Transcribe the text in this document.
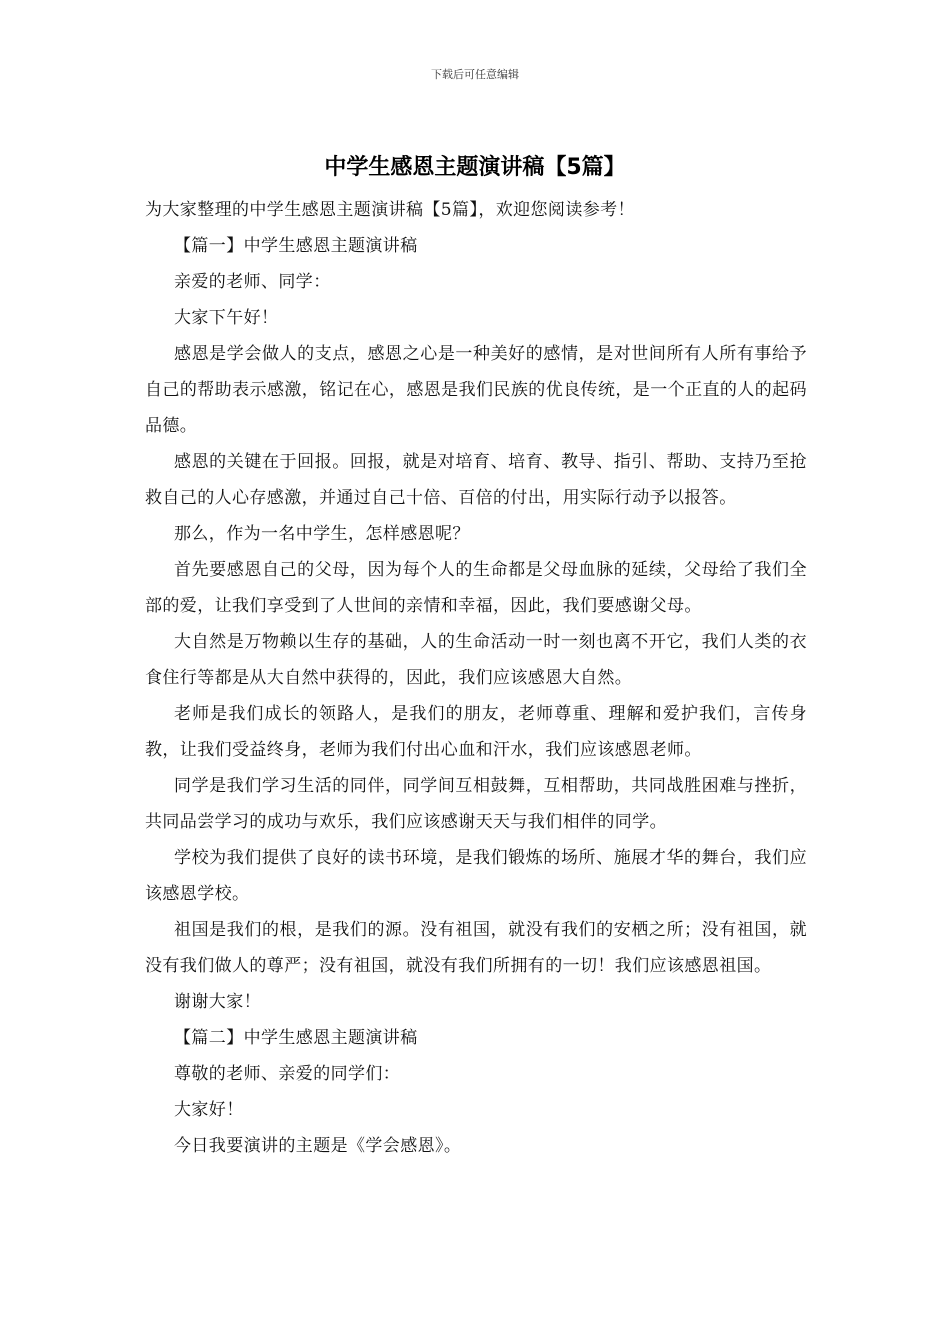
下载后可任意编辑
中学生感恩主题演讲稿【5篇】

为大家整理的中学生感恩主题演讲稿【5篇】，欢迎您阅读参考！

【篇一】中学生感恩主题演讲稿

亲爱的老师、同学：

大家下午好！

感恩是学会做人的支点，感恩之心是一种美好的感情，是对世间所有人所有事给予自己的帮助表示感激，铭记在心，感恩是我们民族的优良传统，是一个正直的人的起码品德。

感恩的关键在于回报。回报，就是对培育、培育、教导、指引、帮助、支持乃至抢救自己的人心存感激，并通过自己十倍、百倍的付出，用实际行动予以报答。

那么，作为一名中学生，怎样感恩呢？

首先要感恩自己的父母，因为每个人的生命都是父母血脉的延续，父母给了我们全部的爱，让我们享受到了人世间的亲情和幸福，因此，我们要感谢父母。

大自然是万物赖以生存的基础，人的生命活动一时一刻也离不开它，我们人类的衣食住行等都是从大自然中获得的，因此，我们应该感恩大自然。

老师是我们成长的领路人，是我们的朋友，老师尊重、理解和爱护我们，言传身教，让我们受益终身，老师为我们付出心血和汗水，我们应该感恩老师。

同学是我们学习生活的同伴，同学间互相鼓舞，互相帮助，共同战胜困难与挫折，共同品尝学习的成功与欢乐，我们应该感谢天天与我们相伴的同学。

学校为我们提供了良好的读书环境，是我们锻炼的场所、施展才华的舞台，我们应该感恩学校。

祖国是我们的根，是我们的源。没有祖国，就没有我们的安栖之所；没有祖国，就没有我们做人的尊严；没有祖国，就没有我们所拥有的一切！我们应该感恩祖国。

谢谢大家！

【篇二】中学生感恩主题演讲稿

尊敬的老师、亲爱的同学们：

大家好！

今日我要演讲的主题是《学会感恩》。
